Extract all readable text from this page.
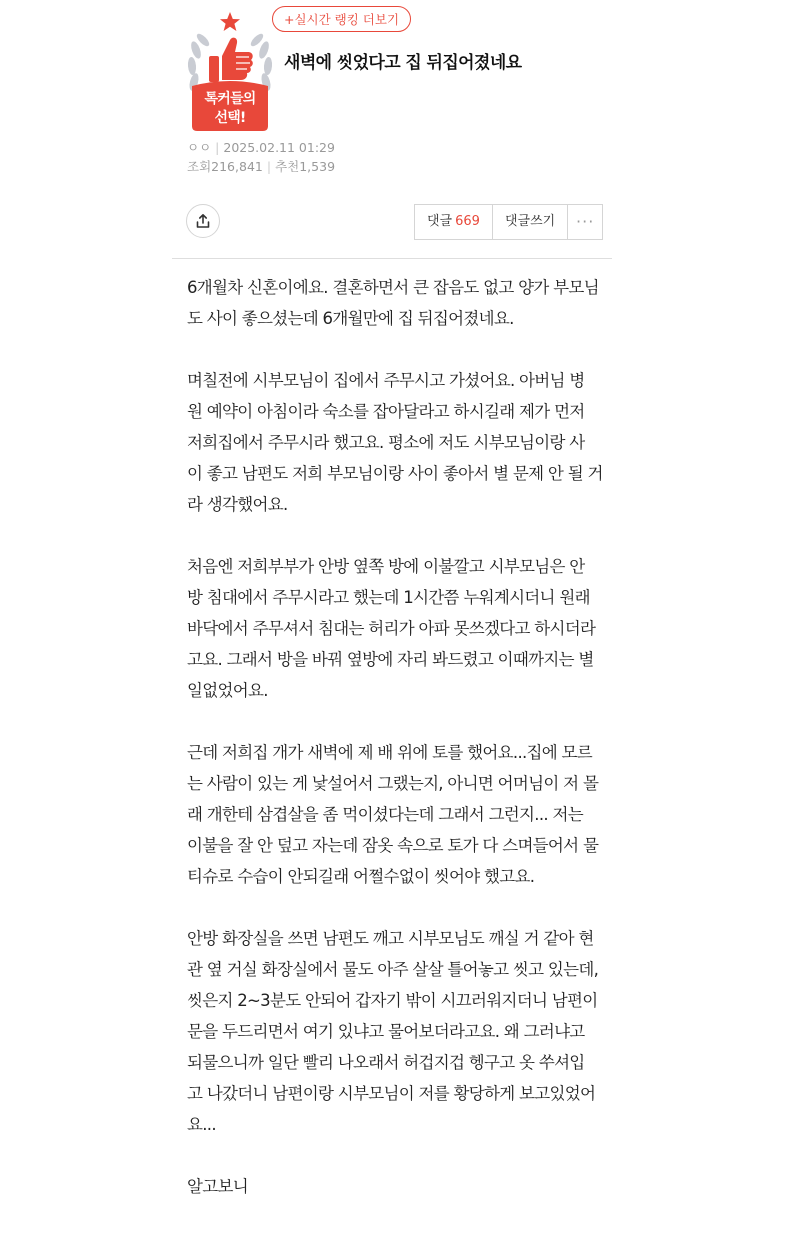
톡커들의
선택!
+실시간 랭킹 더보기
새벽에 씻었다고 집 뒤집어졌네요
ㅇㅇ | 2025.02.11 01:29
조회216,841 | 추천1,539
댓글 669	댓글쓰기	···

6개월차 신혼이에요. 결혼하면서 큰 잡음도 없고 양가 부모님
도 사이 좋으셨는데 6개월만에 집 뒤집어졌네요.

며칠전에 시부모님이 집에서 주무시고 가셨어요. 아버님 병
원 예약이 아침이라 숙소를 잡아달라고 하시길래 제가 먼저
저희집에서 주무시라 했고요. 평소에 저도 시부모님이랑 사
이 좋고 남편도 저희 부모님이랑 사이 좋아서 별 문제 안 될 거
라 생각했어요.

처음엔 저희부부가 안방 옆쪽 방에 이불깔고 시부모님은 안
방 침대에서 주무시라고 했는데 1시간쯤 누워계시더니 원래
바닥에서 주무셔서 침대는 허리가 아파 못쓰겠다고 하시더라
고요. 그래서 방을 바꿔 옆방에 자리 봐드렸고 이때까지는 별
일없었어요.

근데 저희집 개가 새벽에 제 배 위에 토를 했어요...집에 모르
는 사람이 있는 게 낯설어서 그랬는지, 아니면 어머님이 저 몰
래 개한테 삼겹살을 좀 먹이셨다는데 그래서 그런지... 저는
이불을 잘 안 덮고 자는데 잠옷 속으로 토가 다 스며들어서 물
티슈로 수습이 안되길래 어쩔수없이 씻어야 했고요.

안방 화장실을 쓰면 남편도 깨고 시부모님도 깨실 거 같아 현
관 옆 거실 화장실에서 물도 아주 살살 틀어놓고 씻고 있는데,
씻은지 2~3분도 안되어 갑자기 밖이 시끄러워지더니 남편이
문을 두드리면서 여기 있냐고 물어보더라고요. 왜 그러냐고
되물으니까 일단 빨리 나오래서 허겁지겁 헹구고 옷 쑤셔입
고 나갔더니 남편이랑 시부모님이 저를 황당하게 보고있었어
요...

알고보니
